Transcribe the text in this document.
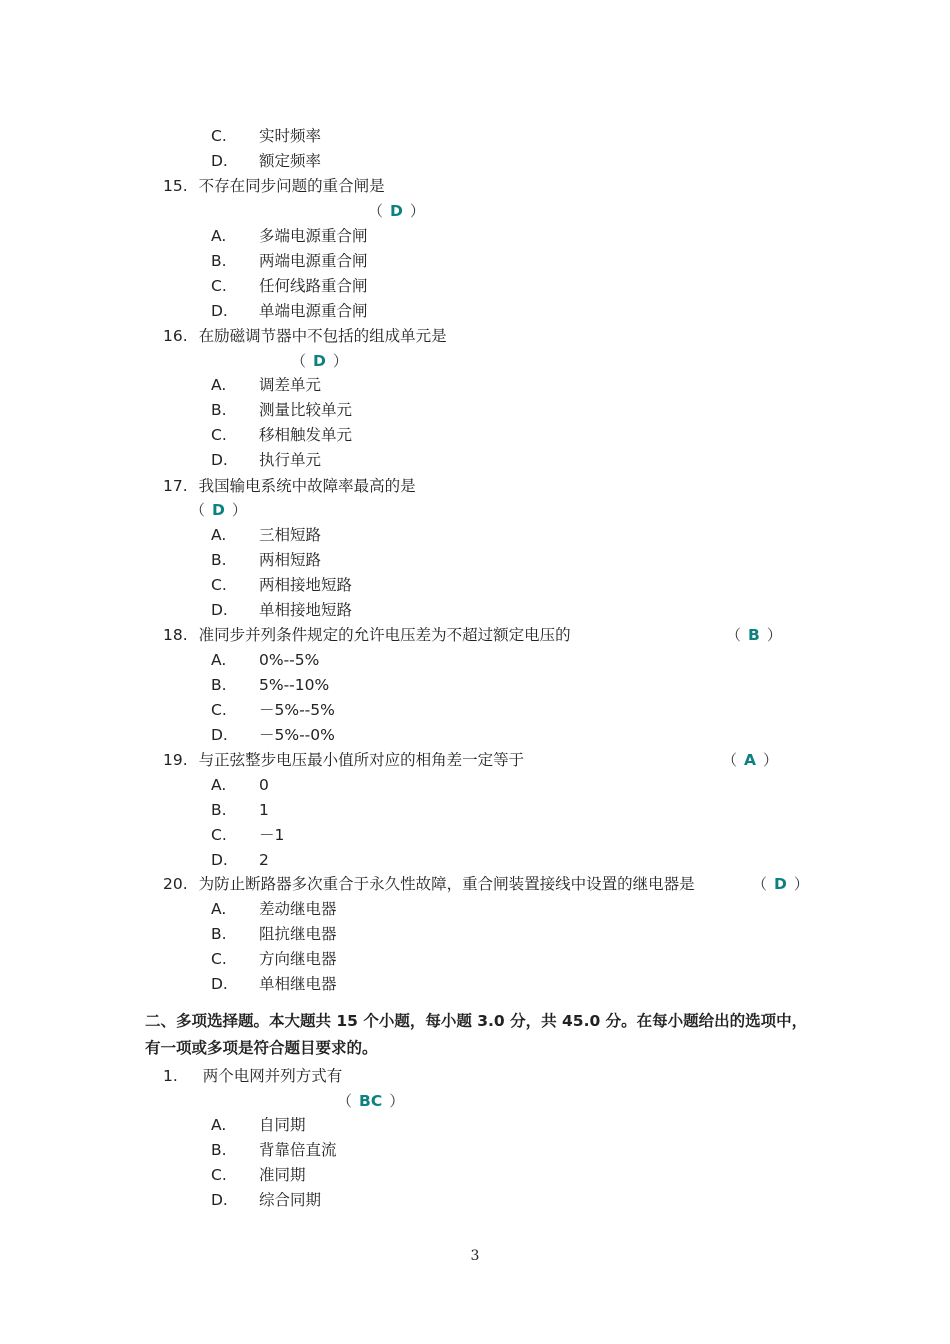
C. 实时频率
D. 额定频率
15. 不存在同步问题的重合闸是
（ D ）
A. 多端电源重合闸
B. 两端电源重合闸
C. 任何线路重合闸
D. 单端电源重合闸
16. 在励磁调节器中不包括的组成单元是
（ D ）
A. 调差单元
B. 测量比较单元
C. 移相触发单元
D. 执行单元
17. 我国输电系统中故障率最高的是
（ D ）
A. 三相短路
B. 两相短路
C. 两相接地短路
D. 单相接地短路
18. 准同步并列条件规定的允许电压差为不超过额定电压的	（ B ）
A. 0%--5%
B. 5%--10%
C. －5%--5%
D. －5%--0%
19. 与正弦整步电压最小值所对应的相角差一定等于	（ A ）
A. 0
B. 1
C. －1
D. 2
20. 为防止断路器多次重合于永久性故障，重合闸装置接线中设置的继电器是	（ D ）
A. 差动继电器
B. 阻抗继电器
C. 方向继电器
D. 单相继电器
二、多项选择题。本大题共 15 个小题，每小题 3.0 分，共 45.0 分。在每小题给出的选项中，
有一项或多项是符合题目要求的。
1. 两个电网并列方式有
（ BC ）
A. 自同期
B. 背靠倍直流
C. 准同期
D. 综合同期
3
